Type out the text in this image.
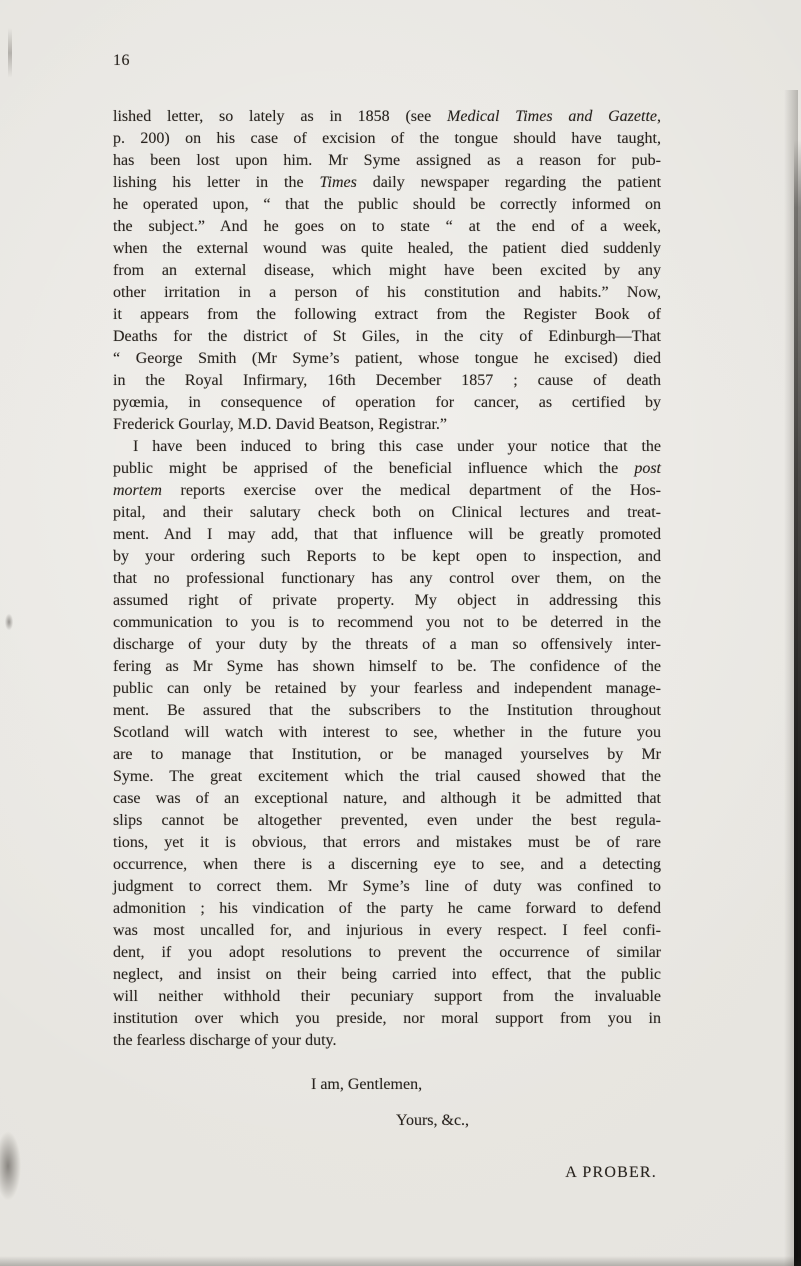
16
lished letter, so lately as in 1858 (see Medical Times and Gazette,
p. 200) on his case of excision of the tongue should have taught,
has been lost upon him. Mr Syme assigned as a reason for pub-
lishing his letter in the Times daily newspaper regarding the patient
he operated upon, “ that the public should be correctly informed on
the subject.” And he goes on to state “ at the end of a week,
when the external wound was quite healed, the patient died suddenly
from an external disease, which might have been excited by any
other irritation in a person of his constitution and habits.” Now,
it appears from the following extract from the Register Book of
Deaths for the district of St Giles, in the city of Edinburgh—That
“ George Smith (Mr Syme’s patient, whose tongue he excised) died
in the Royal Infirmary, 16th December 1857 ; cause of death
pyœmia, in consequence of operation for cancer, as certified by
Frederick Gourlay, M.D. David Beatson, Registrar.”
I have been induced to bring this case under your notice that the
public might be apprised of the beneficial influence which the post
mortem reports exercise over the medical department of the Hos-
pital, and their salutary check both on Clinical lectures and treat-
ment. And I may add, that that influence will be greatly promoted
by your ordering such Reports to be kept open to inspection, and
that no professional functionary has any control over them, on the
assumed right of private property. My object in addressing this
communication to you is to recommend you not to be deterred in the
discharge of your duty by the threats of a man so offensively inter-
fering as Mr Syme has shown himself to be. The confidence of the
public can only be retained by your fearless and independent manage-
ment. Be assured that the subscribers to the Institution throughout
Scotland will watch with interest to see, whether in the future you
are to manage that Institution, or be managed yourselves by Mr
Syme. The great excitement which the trial caused showed that the
case was of an exceptional nature, and although it be admitted that
slips cannot be altogether prevented, even under the best regula-
tions, yet it is obvious, that errors and mistakes must be of rare
occurrence, when there is a discerning eye to see, and a detecting
judgment to correct them. Mr Syme’s line of duty was confined to
admonition ; his vindication of the party he came forward to defend
was most uncalled for, and injurious in every respect. I feel confi-
dent, if you adopt resolutions to prevent the occurrence of similar
neglect, and insist on their being carried into effect, that the public
will neither withhold their pecuniary support from the invaluable
institution over which you preside, nor moral support from you in
the fearless discharge of your duty.
I am, Gentlemen,
Yours, &c.,
A PROBER.
